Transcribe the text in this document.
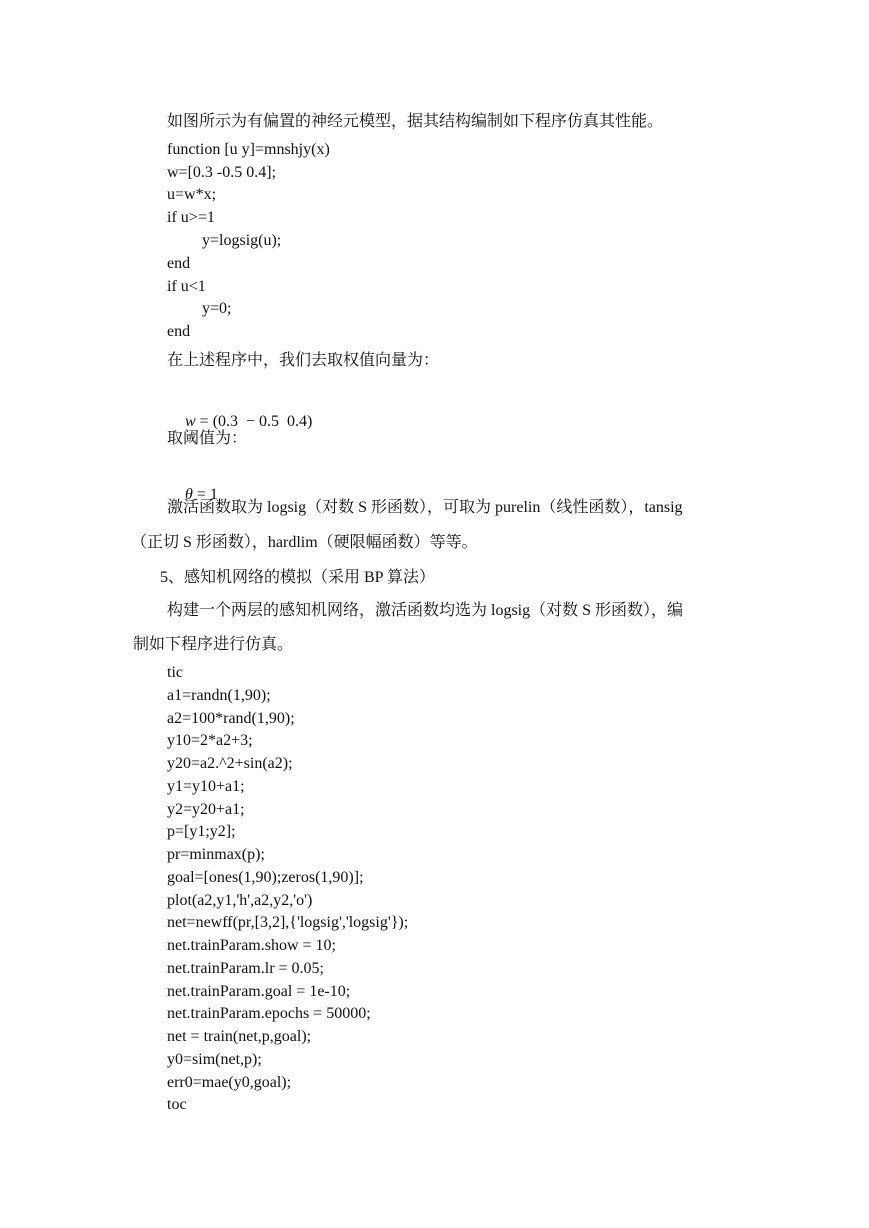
如图所示为有偏置的神经元模型，据其结构编制如下程序仿真其性能。
function [u y]=mnshjy(x)
w=[0.3 -0.5 0.4];
u=w*x;
if u>=1
y=logsig(u);
end
if u<1
y=0;
end
在上述程序中，我们去取权值向量为：

w = (0.3  − 0.5  0.4)

取阈值为：

θ = 1

激活函数取为 logsig（对数 S 形函数），可取为 purelin（线性函数），tansig
（正切 S 形函数），hardlim（硬限幅函数）等等。
5、感知机网络的模拟（采用 BP 算法）
构建一个两层的感知机网络，激活函数均选为 logsig（对数 S 形函数），编
制如下程序进行仿真。
tic
a1=randn(1,90);
a2=100*rand(1,90);
y10=2*a2+3;
y20=a2.^2+sin(a2);
y1=y10+a1;
y2=y20+a1;
p=[y1;y2];
pr=minmax(p);
goal=[ones(1,90);zeros(1,90)];
plot(a2,y1,'h',a2,y2,'o')
net=newff(pr,[3,2],{'logsig','logsig'});
net.trainParam.show = 10;
net.trainParam.lr = 0.05;
net.trainParam.goal = 1e-10;
net.trainParam.epochs = 50000;
net = train(net,p,goal);
y0=sim(net,p);
err0=mae(y0,goal);
toc
